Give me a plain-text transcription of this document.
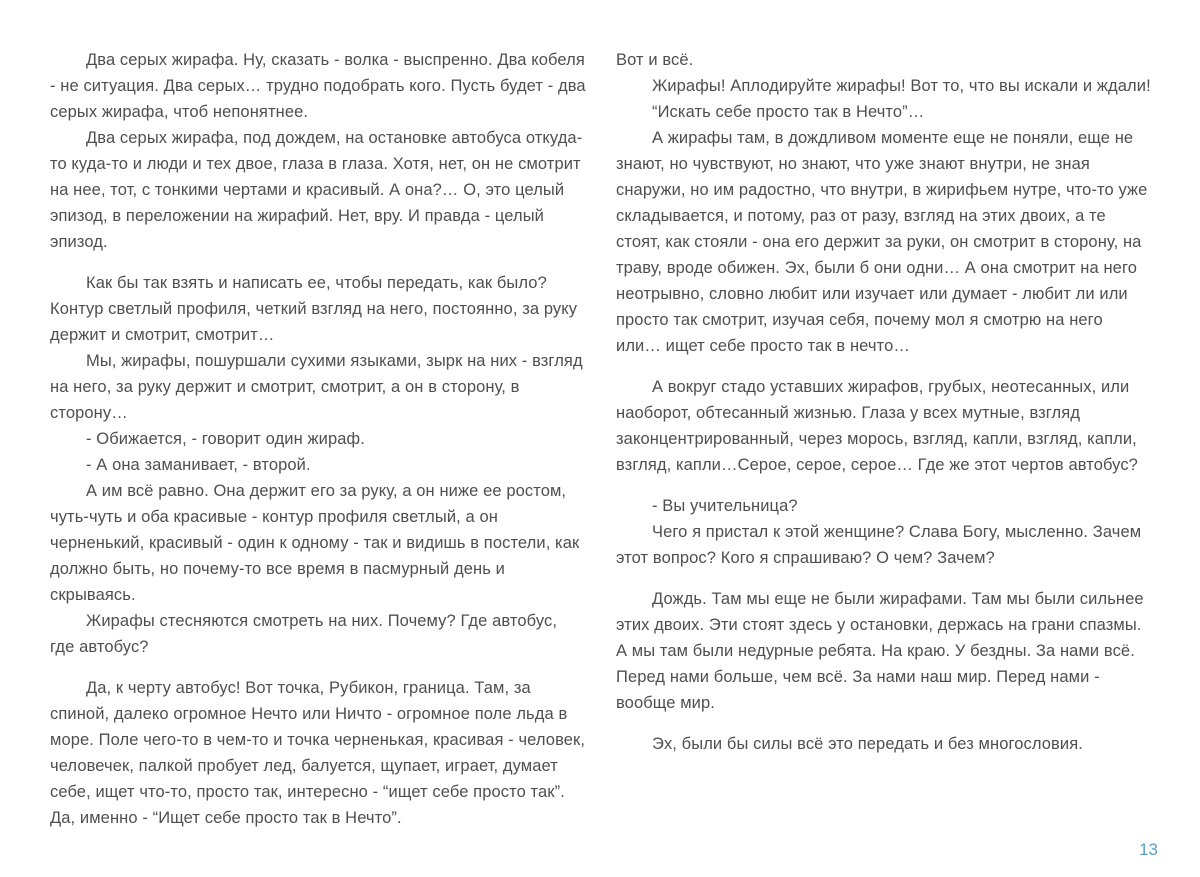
Два серых жирафа. Ну, сказать - волка - выспренно. Два кобеля - не ситуация. Два серых… трудно подобрать кого. Пусть будет - два серых жирафа, чтоб непонятнее.

Два серых жирафа, под дождем, на остановке автобуса откуда-то куда-то и люди и тех двое, глаза в глаза. Хотя, нет, он не смотрит на нее, тот, с тонкими чертами и красивый. А она?… О, это целый эпизод, в переложении на жирафий. Нет, вру. И правда - целый эпизод.

Как бы так взять и написать ее, чтобы передать, как было? Контур светлый профиля, четкий взгляд на него, постоянно, за руку держит и смотрит, смотрит…

Мы, жирафы, пошуршали сухими языками, зырк на них - взгляд на него, за руку держит и смотрит, смотрит, а он в сторону, в сторону…

- Обижается, - говорит один жираф.

- А она заманивает, - второй.

А им всё равно. Она держит его за руку, а он ниже ее ростом, чуть-чуть и оба красивые - контур профиля светлый, а он черненький, красивый - один к одному - так и видишь в постели, как должно быть, но почему-то все время в пасмурный день и скрываясь.

Жирафы стесняются смотреть на них. Почему? Где автобус, где автобус?

Да, к черту автобус! Вот точка, Рубикон, граница. Там, за спиной, далеко огромное Нечто или Ничто - огромное поле льда в море. Поле чего-то в чем-то и точка черненькая, красивая - человек, человечек, палкой пробует лед, балуется, щупает, играет, думает себе, ищет что-то, просто так, интересно - “ищет себе просто так”. Да, именно - “Ищет себе просто так в Нечто”.

Вот и всё.

Жирафы! Аплодируйте жирафы! Вот то, что вы искали и ждали!

“Искать себе просто так в Нечто”…

А жирафы там, в дождливом моменте еще не поняли, еще не знают, но чувствуют, но знают, что уже знают внутри, не зная снаружи, но им радостно, что внутри, в жирифьем нутре, что-то уже складывается, и потому, раз от разу, взгляд на этих двоих, а те стоят, как стояли - она его держит за руки, он смотрит в сторону, на траву, вроде обижен. Эх, были б они одни… А она смотрит на него неотрывно, словно любит или изучает или думает - любит ли или просто так смотрит, изучая себя, почему мол я смотрю на него или… ищет себе просто так в нечто…

А вокруг стадо уставших жирафов, грубых, неотесанных, или наоборот, обтесанный жизнью. Глаза у всех мутные, взгляд законцентрированный, через морось, взгляд, капли, взгляд, капли, взгляд, капли…Серое, серое, серое… Где же этот чертов автобус?

- Вы учительница?

Чего я пристал к этой женщине? Слава Богу, мысленно. Зачем этот вопрос? Кого я спрашиваю? О чем? Зачем?

Дождь. Там мы еще не были жирафами. Там мы были сильнее этих двоих. Эти стоят здесь у остановки, держась на грани спазмы. А мы там были недурные ребята. На краю. У бездны. За нами всё. Перед нами больше, чем всё. За нами наш мир. Перед нами - вообще мир.

Эх, были бы силы всё это передать и без многословия.

13
